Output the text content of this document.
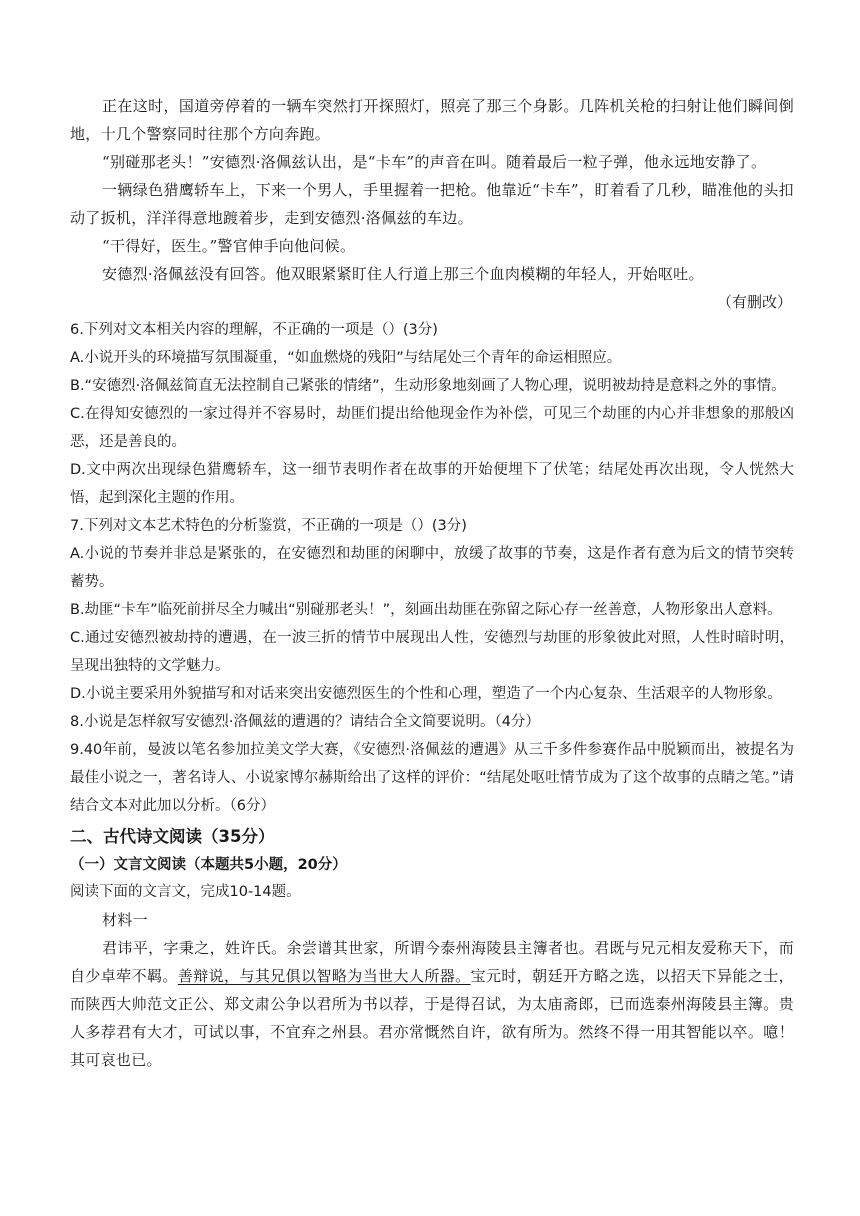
正在这时，国道旁停着的一辆车突然打开探照灯，照亮了那三个身影。几阵机关枪的扫射让他们瞬间倒地，十几个警察同时往那个方向奔跑。

“别碰那老头！”安德烈·洛佩兹认出，是“卡车”的声音在叫。随着最后一粒子弹，他永远地安静了。

一辆绿色猎鹰轿车上，下来一个男人，手里握着一把枪。他靠近“卡车”，盯着看了几秒，瞄准他的头扣动了扳机，洋洋得意地踱着步，走到安德烈·洛佩兹的车边。

“干得好，医生。”警官伸手向他问候。

安德烈·洛佩兹没有回答。他双眼紧紧盯住人行道上那三个血肉模糊的年轻人，开始呕吐。

（有删改）

6.下列对文本相关内容的理解，不正确的一项是（）(3分)

A.小说开头的环境描写氛围凝重，“如血燃烧的残阳”与结尾处三个青年的命运相照应。

B.“安德烈·洛佩兹简直无法控制自己紧张的情绪”，生动形象地刻画了人物心理，说明被劫持是意料之外的事情。

C.在得知安德烈的一家过得并不容易时，劫匪们提出给他现金作为补偿，可见三个劫匪的内心并非想象的那般凶恶，还是善良的。

D.文中两次出现绿色猎鹰轿车，这一细节表明作者在故事的开始便埋下了伏笔；结尾处再次出现，令人恍然大悟，起到深化主题的作用。

7.下列对文本艺术特色的分析鉴赏，不正确的一项是（）(3分)

A.小说的节奏并非总是紧张的，在安德烈和劫匪的闲聊中，放缓了故事的节奏，这是作者有意为后文的情节突转蓄势。

B.劫匪“卡车”临死前拼尽全力喊出“别碰那老头！”，刻画出劫匪在弥留之际心存一丝善意，人物形象出人意料。

C.通过安德烈被劫持的遭遇，在一波三折的情节中展现出人性，安德烈与劫匪的形象彼此对照，人性时暗时明，呈现出独特的文学魅力。

D.小说主要采用外貌描写和对话来突出安德烈医生的个性和心理，塑造了一个内心复杂、生活艰辛的人物形象。

8.小说是怎样叙写安德烈·洛佩兹的遭遇的？请结合全文简要说明。（4分）

9.40年前，曼波以笔名参加拉美文学大赛，《安德烈·洛佩兹的遭遇》从三千多件参赛作品中脱颖而出，被提名为最佳小说之一，著名诗人、小说家博尔赫斯给出了这样的评价：“结尾处呕吐情节成为了这个故事的点睛之笔。”请结合文本对此加以分析。（6分）

二、古代诗文阅读（35分）

（一）文言文阅读（本题共5小题，20分）

阅读下面的文言文，完成10-14题。

材料一

君讳平，字秉之，姓许氏。余尝谱其世家，所谓今泰州海陵县主簿者也。君既与兄元相友爱称天下，而自少卓荦不羁。善辩说，与其兄俱以智略为当世大人所器。宝元时，朝廷开方略之选，以招天下异能之士，而陕西大帅范文正公、郑文肃公争以君所为书以荐，于是得召试，为太庙斋郎，已而选泰州海陵县主簿。贵人多荐君有大才，可试以事，不宜弃之州县。君亦常慨然自许，欲有所为。然终不得一用其智能以卒。噫！其可哀也已。
